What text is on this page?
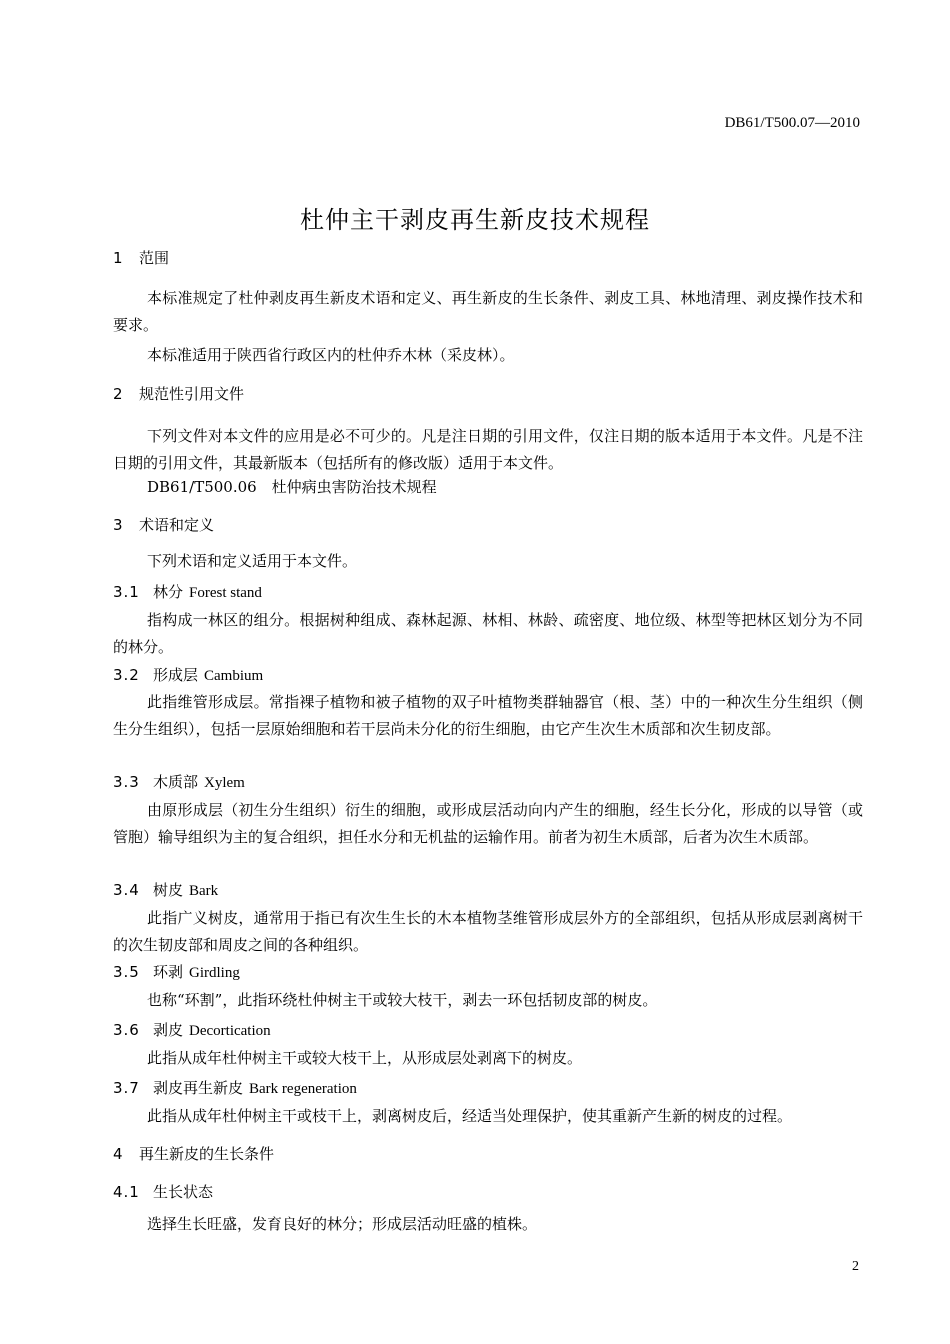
DB61/T500.07—2010
杜仲主干剥皮再生新皮技术规程
1 范围
本标准规定了杜仲剥皮再生新皮术语和定义、再生新皮的生长条件、剥皮工具、林地清理、剥皮操作技术和要求。
本标准适用于陕西省行政区内的杜仲乔木林（采皮林）。
2 规范性引用文件
下列文件对本文件的应用是必不可少的。凡是注日期的引用文件，仅注日期的版本适用于本文件。凡是不注日期的引用文件，其最新版本（包括所有的修改版）适用于本文件。
DB61/T500.06　杜仲病虫害防治技术规程
3 术语和定义
下列术语和定义适用于本文件。
3.1 林分 Forest stand
指构成一林区的组分。根据树种组成、森林起源、林相、林龄、疏密度、地位级、林型等把林区划分为不同的林分。
3.2 形成层 Cambium
此指维管形成层。常指裸子植物和被子植物的双子叶植物类群轴器官（根、茎）中的一种次生分生组织（侧生分生组织），包括一层原始细胞和若干层尚未分化的衍生细胞，由它产生次生木质部和次生韧皮部。
3.3 木质部 Xylem
由原形成层（初生分生组织）衍生的细胞，或形成层活动向内产生的细胞，经生长分化，形成的以导管（或管胞）输导组织为主的复合组织，担任水分和无机盐的运输作用。前者为初生木质部，后者为次生木质部。
3.4 树皮 Bark
此指广义树皮，通常用于指已有次生生长的木本植物茎维管形成层外方的全部组织，包括从形成层剥离树干的次生韧皮部和周皮之间的各种组织。
3.5 环剥 Girdling
也称“环割”，此指环绕杜仲树主干或较大枝干，剥去一环包括韧皮部的树皮。
3.6 剥皮 Decortication
此指从成年杜仲树主干或较大枝干上，从形成层处剥离下的树皮。
3.7 剥皮再生新皮 Bark regeneration
此指从成年杜仲树主干或枝干上，剥离树皮后，经适当处理保护，使其重新产生新的树皮的过程。
4 再生新皮的生长条件
4.1 生长状态
选择生长旺盛，发育良好的林分；形成层活动旺盛的植株。
2
